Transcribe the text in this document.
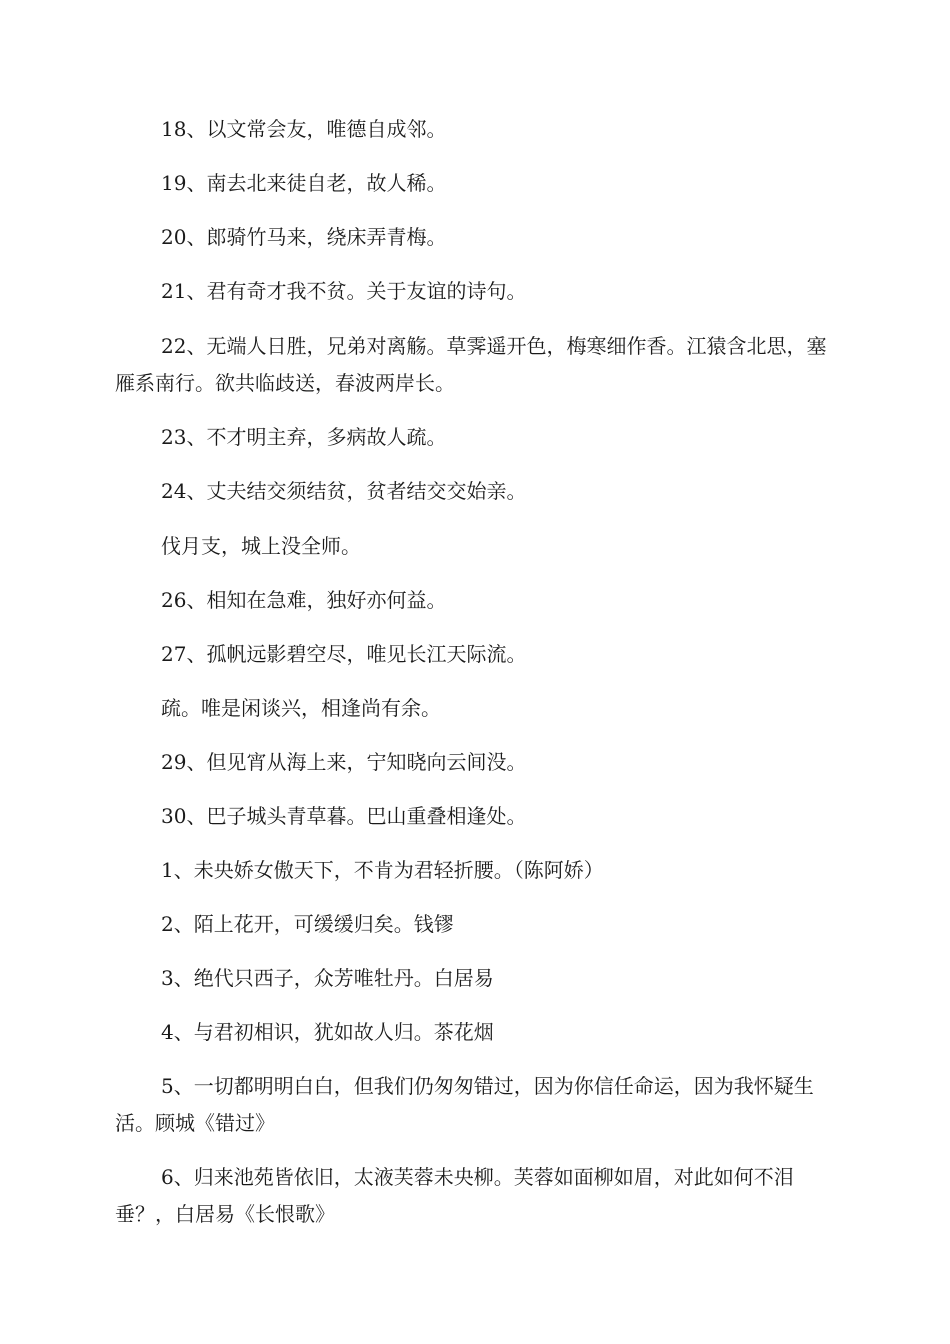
18、以文常会友，唯德自成邻。

19、南去北来徒自老，故人稀。

20、郎骑竹马来，绕床弄青梅。

21、君有奇才我不贫。关于友谊的诗句。

22、无端人日胜，兄弟对离觞。草霁遥开色，梅寒细作香。江猿含北思，塞雁系南行。欲共临歧送，春波两岸长。

23、不才明主弃，多病故人疏。

24、丈夫结交须结贫，贫者结交交始亲。

伐月支，城上没全师。

26、相知在急难，独好亦何益。

27、孤帆远影碧空尽，唯见长江天际流。

疏。唯是闲谈兴，相逢尚有余。

29、但见宵从海上来，宁知晓向云间没。

30、巴子城头青草暮。巴山重叠相逢处。

1、未央娇女傲天下，不肯为君轻折腰。（陈阿娇）

2、陌上花开，可缓缓归矣。钱镠

3、绝代只西子，众芳唯牡丹。白居易

4、与君初相识，犹如故人归。茶花烟

5、一切都明明白白，但我们仍匆匆错过，因为你信任命运，因为我怀疑生活。顾城《错过》

6、归来池苑皆依旧，太液芙蓉未央柳。芙蓉如面柳如眉，对此如何不泪垂？，白居易《长恨歌》
